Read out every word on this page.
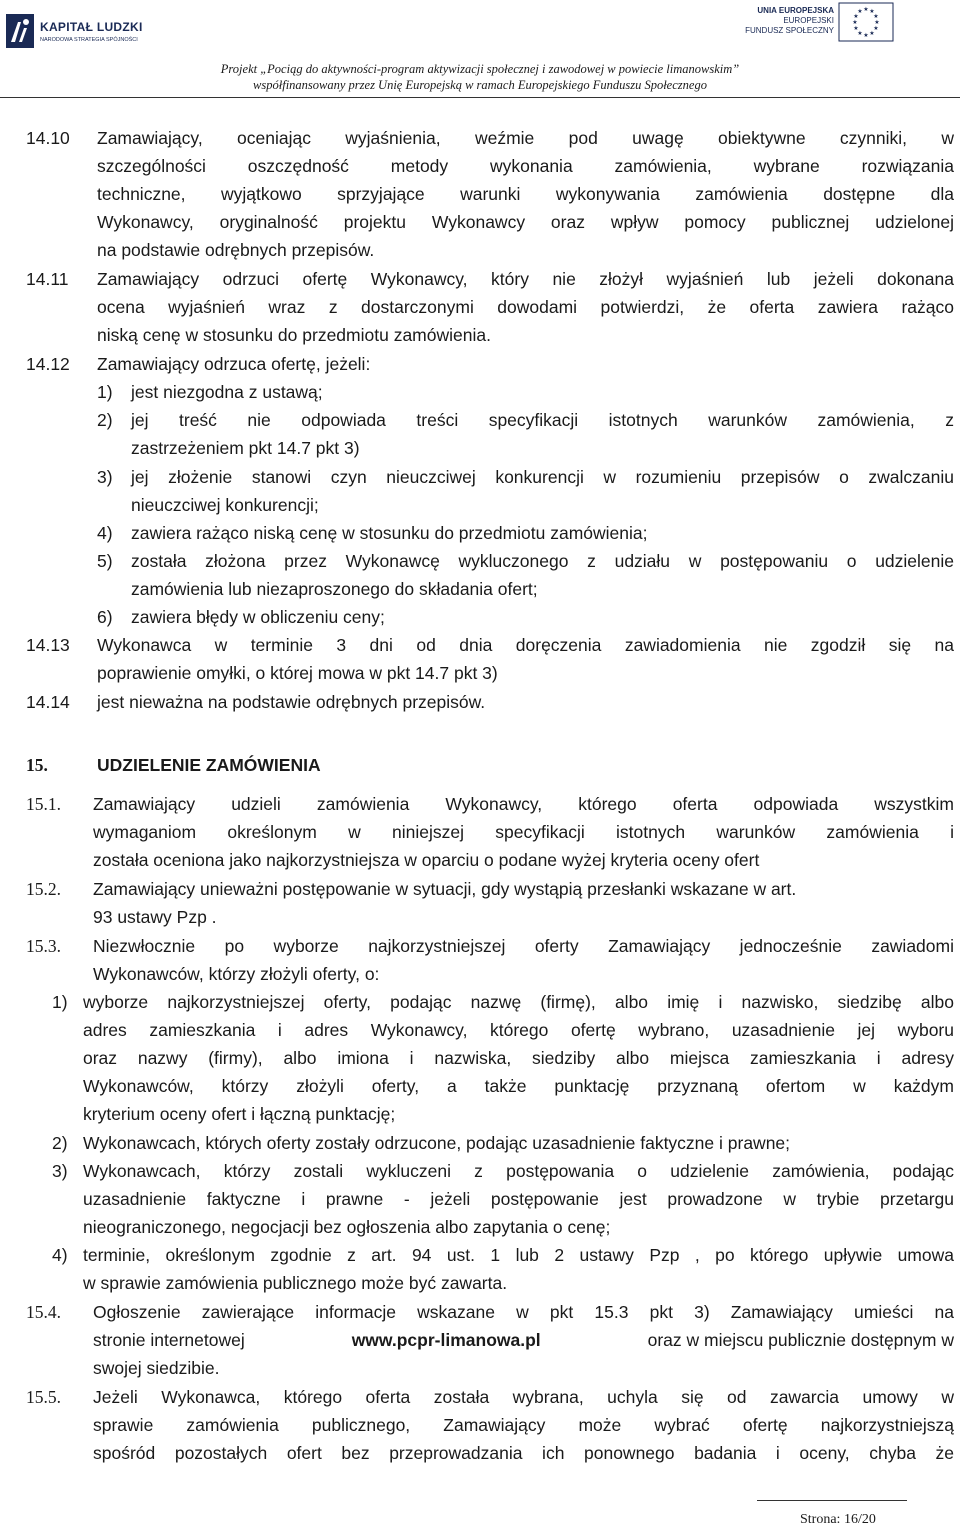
KAPITAŁ LUDZKI
NARODOWA STRATEGIA SPÓJNOŚCI
UNIA EUROPEJSKA
EUROPEJSKI
FUNDUSZ SPOŁECZNY
★ ★
★
★
★
★
★
★
★
★
★
★
Projekt „Pociąg do aktywności-program aktywizacji społecznej i zawodowej w powiecie limanowskim”
współfinansowany przez Unię Europejską w ramach Europejskiego Funduszu Społecznego
14.10 Zamawiający, oceniając wyjaśnienia, weźmie pod uwagę obiektywne czynniki, w
szczególności oszczędność metody wykonania zamówienia, wybrane rozwiązania
techniczne, wyjątkowo sprzyjające warunki wykonywania zamówienia dostępne dla
Wykonawcy, oryginalność projektu Wykonawcy oraz wpływ pomocy publicznej udzielonej
na podstawie odrębnych przepisów.
14.11 Zamawiający odrzuci ofertę Wykonawcy, który nie złożył wyjaśnień lub jeżeli dokonana
ocena wyjaśnień wraz z dostarczonymi dowodami potwierdzi, że oferta zawiera rażąco
niską cenę w stosunku do przedmiotu zamówienia.
14.12 Zamawiający odrzuca ofertę, jeżeli:
1) jest niezgodna z ustawą;
2) jej treść nie odpowiada treści specyfikacji istotnych warunków zamówienia, z
zastrzeżeniem pkt 14.7 pkt 3)
3) jej złożenie stanowi czyn nieuczciwej konkurencji w rozumieniu przepisów o zwalczaniu
nieuczciwej konkurencji;
4) zawiera rażąco niską cenę w stosunku do przedmiotu zamówienia;
5) została złożona przez Wykonawcę wykluczonego z udziału w postępowaniu o udzielenie
zamówienia lub niezaproszonego do składania ofert;
6) zawiera błędy w obliczeniu ceny;
14.13 Wykonawca w terminie 3 dni od dnia doręczenia zawiadomienia nie zgodził się na
poprawienie omyłki, o której mowa w pkt 14.7 pkt 3)
14.14 jest nieważna na podstawie odrębnych przepisów.
15.	UDZIELENIE ZAMÓWIENIA
15.1. Zamawiający udzieli zamówienia Wykonawcy, którego oferta odpowiada wszystkim
wymaganiom określonym w niniejszej specyfikacji istotnych warunków zamówienia i
została oceniona jako najkorzystniejsza w oparciu o podane wyżej kryteria oceny ofert
15.2. Zamawiający unieważni postępowanie w sytuacji, gdy wystąpią przesłanki wskazane w art.
93 ustawy Pzp .
15.3. Niezwłocznie po wyborze najkorzystniejszej oferty Zamawiający jednocześnie zawiadomi
Wykonawców, którzy złożyli oferty, o:
1) wyborze najkorzystniejszej oferty, podając nazwę (firmę), albo imię i nazwisko, siedzibę albo
adres zamieszkania i adres Wykonawcy, którego ofertę wybrano, uzasadnienie jej wyboru
oraz nazwy (firmy), albo imiona i nazwiska, siedziby albo miejsca zamieszkania i adresy
Wykonawców, którzy złożyli oferty, a także punktację przyznaną ofertom w każdym
kryterium oceny ofert i łączną punktację;
2) Wykonawcach, których oferty zostały odrzucone, podając uzasadnienie faktyczne i prawne;
3) Wykonawcach, którzy zostali wykluczeni z postępowania o udzielenie zamówienia, podając
uzasadnienie faktyczne i prawne - jeżeli postępowanie jest prowadzone w trybie przetargu
nieograniczonego, negocjacji bez ogłoszenia albo zapytania o cenę;
4) terminie, określonym zgodnie z art. 94 ust. 1 lub 2 ustawy Pzp , po którego upływie umowa
w sprawie zamówienia publicznego może być zawarta.
15.4. Ogłoszenie zawierające informacje wskazane w pkt 15.3 pkt 3) Zamawiający umieści na
stronie internetowej	www.pcpr-limanowa.pl	oraz w miejscu publicznie dostępnym w
swojej siedzibie.
15.5. Jeżeli Wykonawca, którego oferta została wybrana, uchyla się od zawarcia umowy w
sprawie zamówienia publicznego, Zamawiający może wybrać ofertę najkorzystniejszą
spośród pozostałych ofert bez przeprowadzania ich ponownego badania i oceny, chyba że
Strona: 16/20
